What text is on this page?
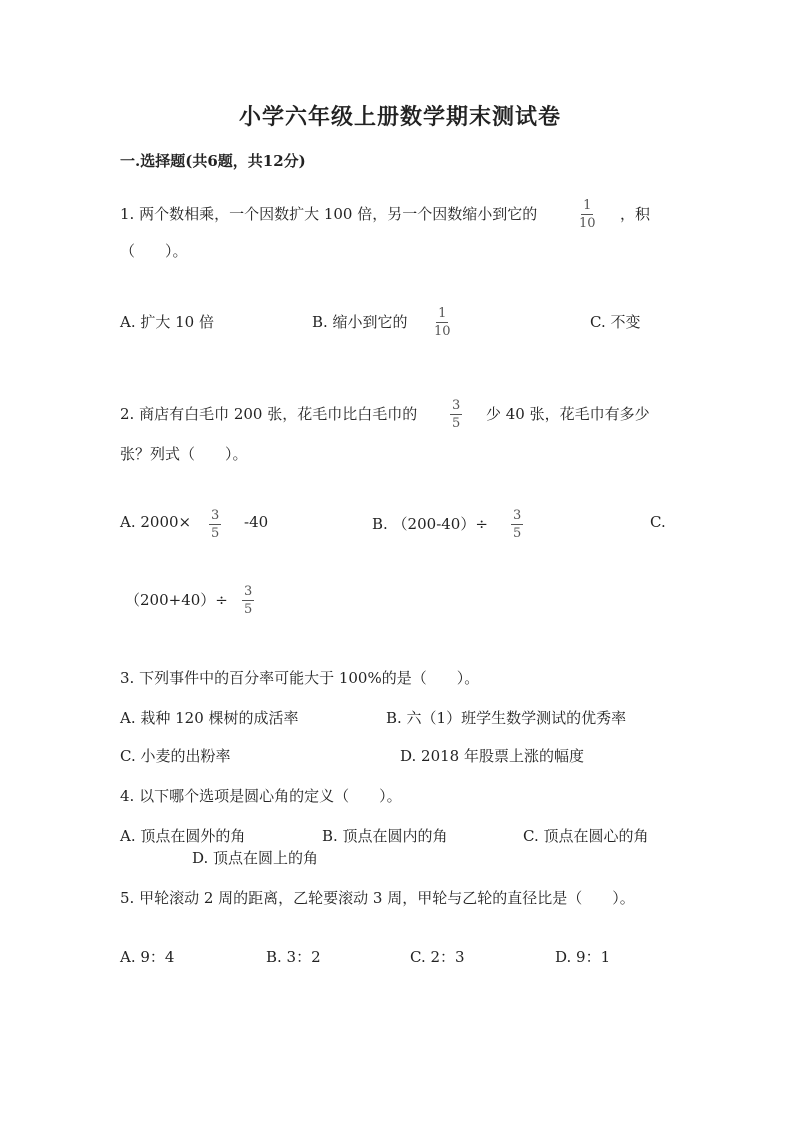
小学六年级上册数学期末测试卷
一.选择题(共6题，共12分)
1. 两个数相乘，一个因数扩大 100 倍，另一个因数缩小到它的	$\frac{1}{10}$ ，积
（　　）。
A. 扩大 10 倍	B. 缩小到它的 $\frac{1}{10}$	C. 不变
2. 商店有白毛巾 200 张，花毛巾比白毛巾的	$\frac{3}{5}$ 少 40 张，花毛巾有多少
张？列式（　　）。
A. $2000\times \frac{3}{5} -40$	B. $(200-40)\div \frac{3}{5}$	C.
$(200+40)\div \frac{3}{5}$
3. 下列事件中的百分率可能大于 100%的是（　　）。
A. 栽种 120 棵树的成活率	B. 六（1）班学生数学测试的优秀率
C. 小麦的出粉率	D. 2018 年股票上涨的幅度
4. 以下哪个选项是圆心角的定义（　　）。
A. 顶点在圆外的角	B. 顶点在圆内的角	C. 顶点在圆心的角
D. 顶点在圆上的角
5. 甲轮滚动 2 周的距离，乙轮要滚动 3 周，甲轮与乙轮的直径比是（　　）。
A. 9：4	B. 3：2	C. 2：3	D. 9：1
